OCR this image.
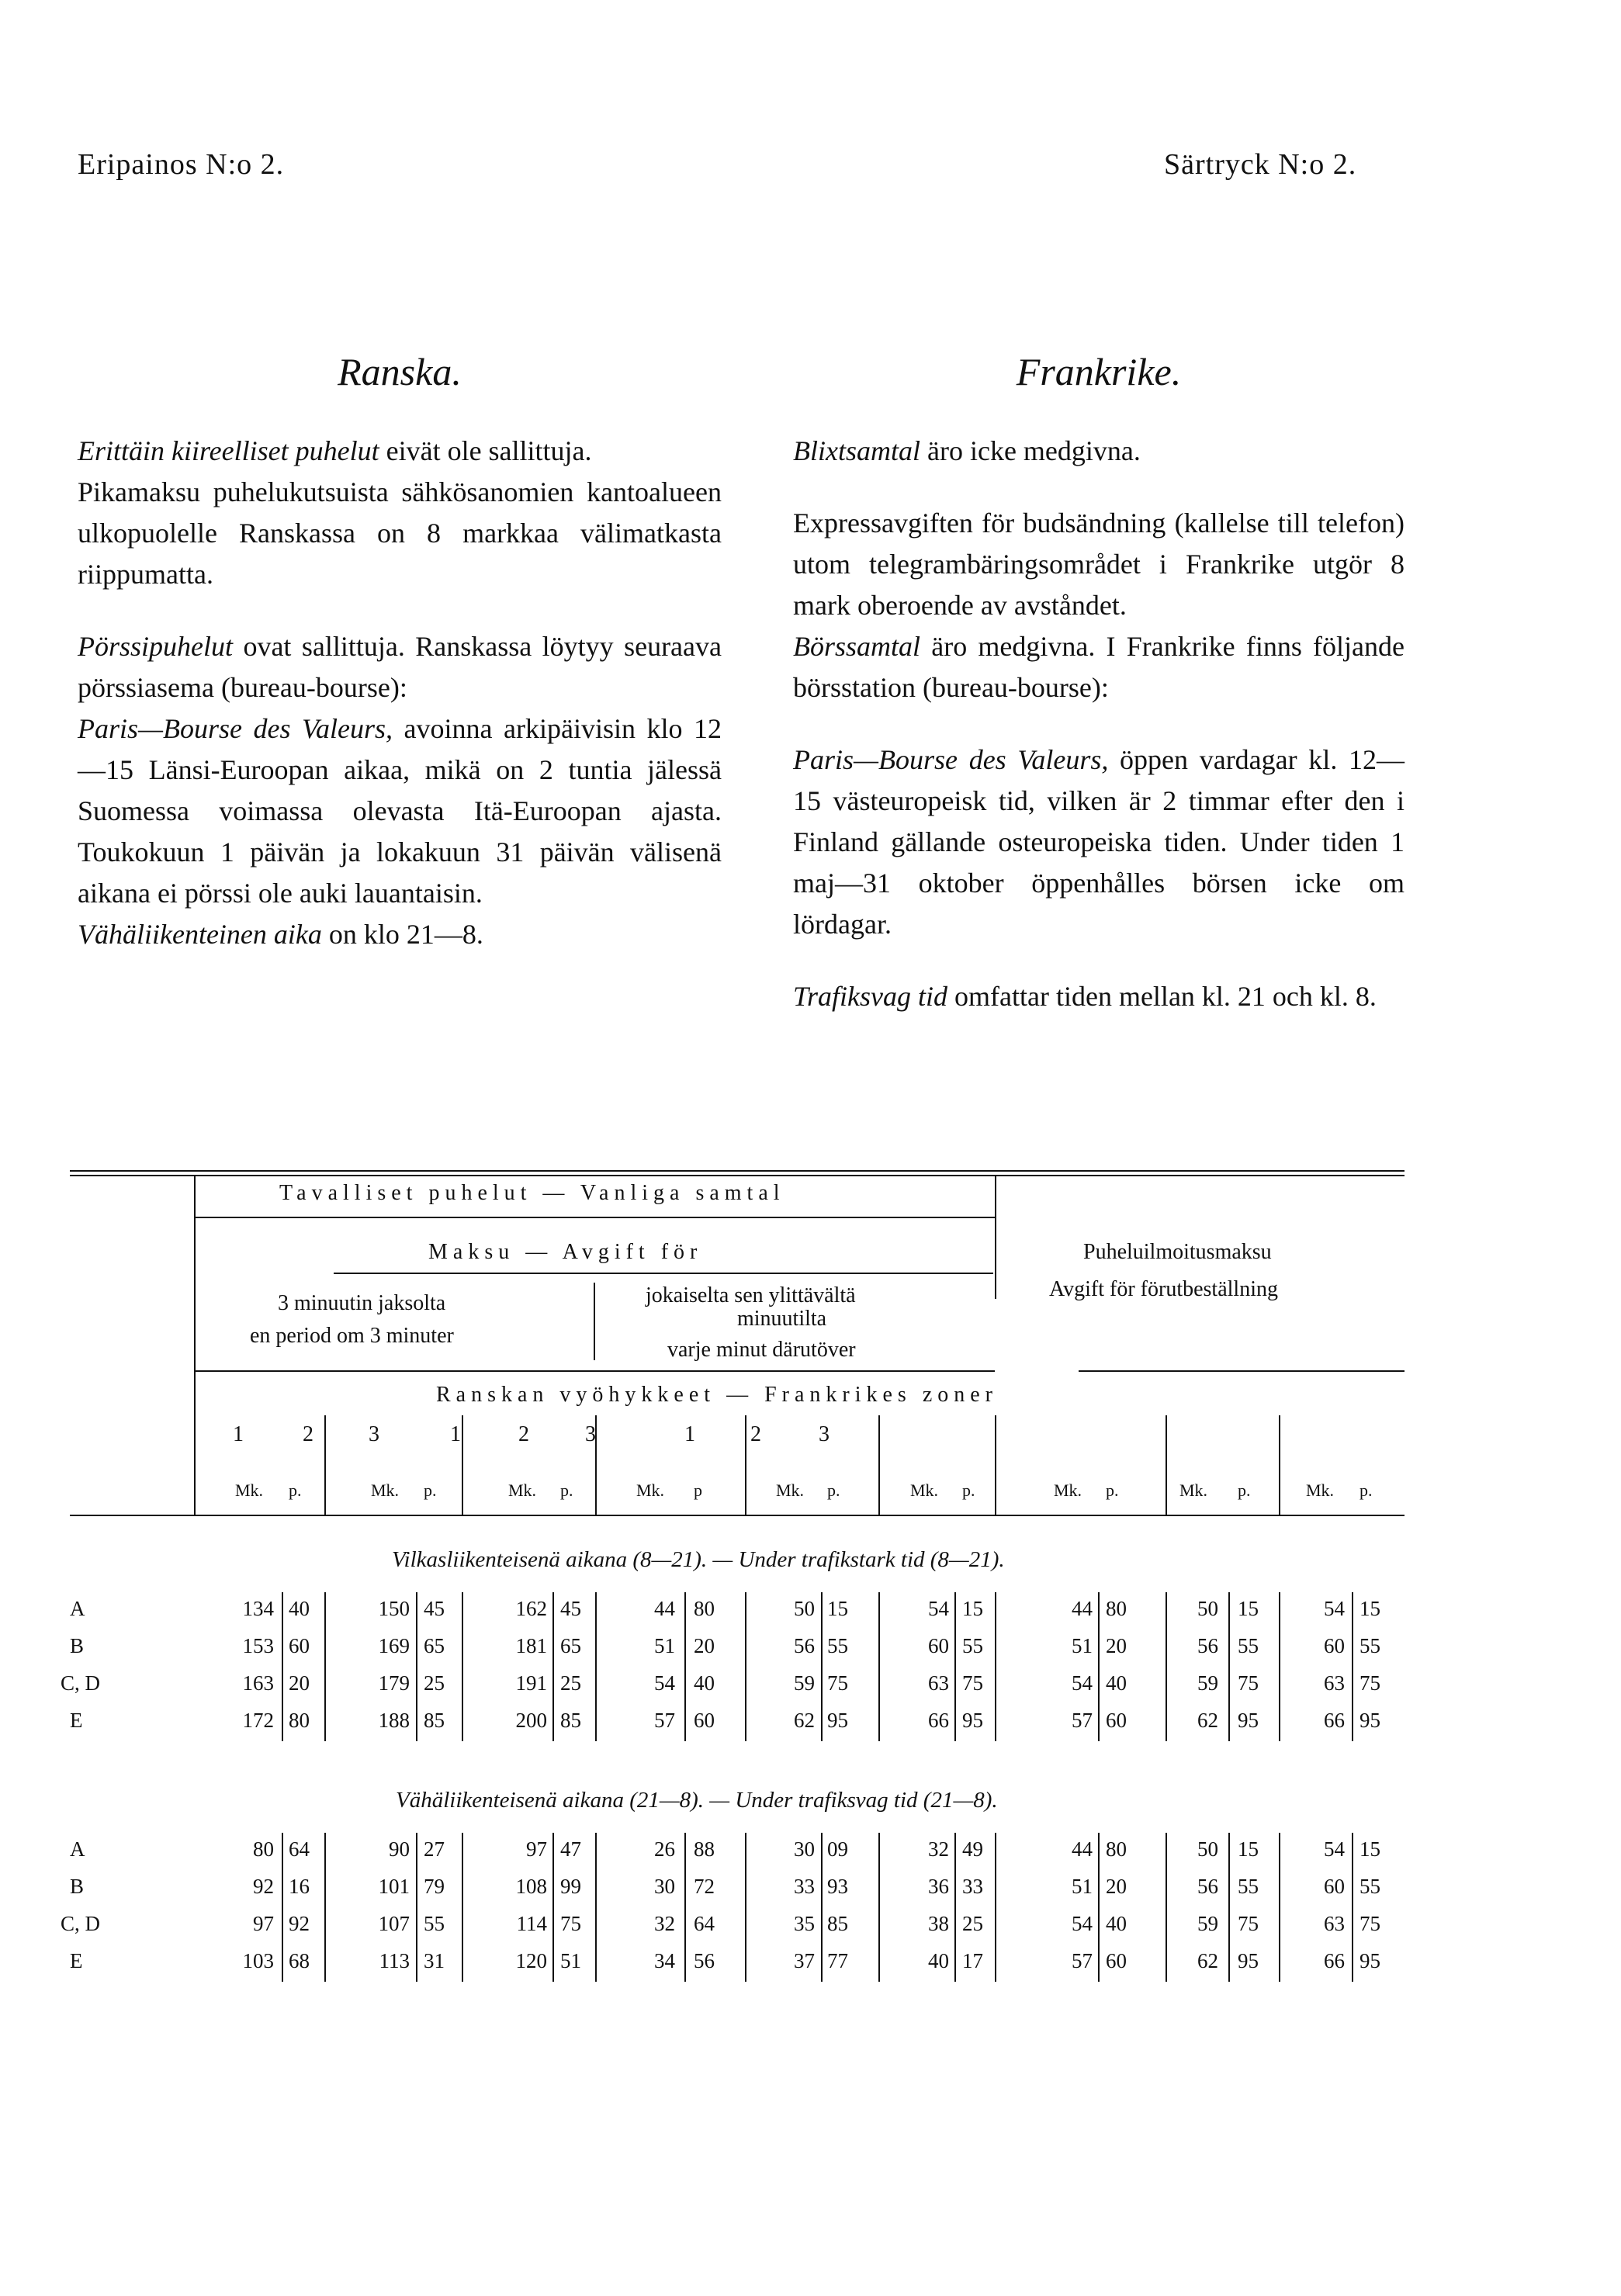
Eripainos N:o 2.	Särtryck N:o 2.
Ranska.

Erittäin kiireelliset puhelut eivät ole sallittuja.

Pikamaksu puhelukutsuista sähkösanomien kantoalueen ulkopuolelle Ranskassa on 8 markkaa välimatkasta riippumatta.

Pörssipuhelut ovat sallittuja. Ranskassa löytyy seuraava pörssiasema (bureau-bourse):

Paris—Bourse des Valeurs, avoinna arkipäivisin klo 12—15 Länsi-Euroopan aikaa, mikä on 2 tuntia jälessä Suomessa voimassa olevasta Itä-Euroopan ajasta. Toukokuun 1 päivän ja lokakuun 31 päivän välisenä aikana ei pörssi ole auki lauantaisin.

Vähäliikenteinen aika on klo 21—8.

Frankrike.

Blixtsamtal äro icke medgivna.

Expressavgiften för budsändning (kallelse till telefon) utom telegrambäringsområdet i Frankrike utgör 8 mark oberoende av avståndet.

Börssamtal äro medgivna. I Frankrike finns följande börsstation (bureau-bourse):

Paris—Bourse des Valeurs, öppen vardagar kl. 12—15 västeuropeisk tid, vilken är 2 timmar efter den i Finland gällande osteuropeiska tiden. Under tiden 1 maj—31 oktober öppenhålles börsen icke om lördagar.

Trafiksvag tid omfattar tiden mellan kl. 21 och kl. 8.

Tavalliset puhelut — Vanliga samtal
Maksu — Avgift för
3 minuutin jaksolta
en period om 3 minuter
jokaiselta sen ylittävältä
minuutilta
varje minut därutöver
Puheluilmoitusmaksu
Avgift för förutbeställning
Ranskan vyöhykkeet — Frankrikes zoner
1	2	3	1	2	3	1	2	3
Mk. p.	Mk. p.	Mk. p.	Mk. p	Mk. p.	Mk. p.	Mk. p.	Mk. p.	Mk. p.
Vilkasliikenteisenä aikana (8—21). — Under trafikstark tid (8—21).
Vähäliikenteisenä aikana (21—8). — Under trafiksvag tid (21—8).
A	134 40	150 45	162 45	44 80	50 15	54 15	44 80	50 15	54 15
B	153 60	169 65	181 65	51 20	56 55	60 55	51 20	56 55	60 55
C, D	163 20	179 25	191 25	54 40	59 75	63 75	54 40	59 75	63 75
E	172 80	188 85	200 85	57 60	62 95	66 95	57 60	62 95	66 95
A	80 64	90 27	97 47	26 88	30 09	32 49	44 80	50 15	54 15
B	92 16	101 79	108 99	30 72	33 93	36 33	51 20	56 55	60 55
C, D	97 92	107 55	114 75	32 64	35 85	38 25	54 40	59 75	63 75
E	103 68	113 31	120 51	34 56	37 77	40 17	57 60	62 95	66 95
